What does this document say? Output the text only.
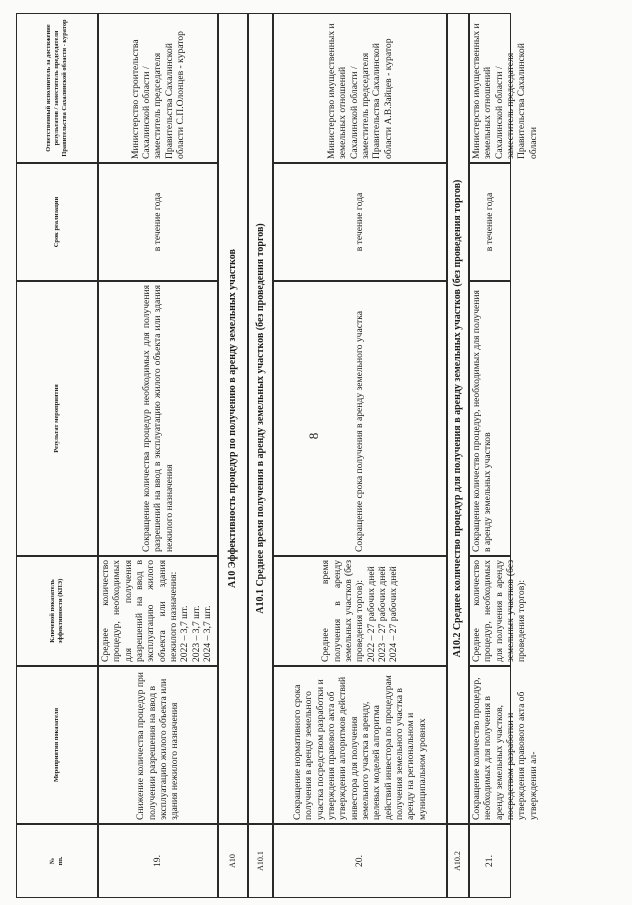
8
№
пп.
Мероприятия показателя
Ключевой показатель эффективности (КПЭ)
Результат мероприятия
Срок реализации
Ответственный исполнитель за достижение результатов / заместитель председателя Правительства Сахалинской области - куратор
19.
Снижение количества процедур при получении разрешения на ввод в эксплуатацию жилого объекта или здания нежилого назначения
Среднее количество процедур, необходимых для получения разрешений на ввод в эксплуатацию жилого объекта или здания нежилого назначения:
2022 – 3,7 шт.
2023 – 3,7 шт.
2024 – 3,7 шт.
Сокращение количества процедур необходимых для получения разрешений на ввод в эксплуатацию жилого объекта или здания нежилого назначения
в течение года
Министерство строительства Сахалинской области /заместитель председателя Правительства Сахалинской области С.П.Олонцев - куратор
А10
А10 Эффективность процедур по получению в аренду земельных участков
А10.1
А10.1 Среднее время получения в аренду земельных участков (без проведения торгов)
20.
Сокращение нормативного срока получения в аренду земельного участка посредством разработки и утверждения правового акта об утверждении алгоритмов действий инвестора для получения земельного участка в аренду, целевых моделей алгоритма действий инвестора по процедурам получения земельного участка в аренду на региональном и муниципальном уровнях
Среднее время получения в аренду земельных участков (без проведения торгов):
2022 – 27 рабочих дней
2023 – 27 рабочих дней
2024 – 27 рабочих дней
Сокращение срока получения в аренду земельного участка
в течение года
Министерство имущественных и земельных отношений Сахалинской области / заместитель председателя Правительства Сахалинской области А.В.Зайцев - куратор
А10.2
А10.2 Среднее количество процедур для получения в аренду земельных участков (без проведения торгов)
21.
Сокращение количество процедур, необходимых для получения в аренду земельных участков, посредством разработки и утверждения правового акта об утверждении ал-
Среднее количество процедур, необходимых для получения в аренду земельных участков (без проведения торгов):
Сокращение количество процедур, необходимых для получения в аренду земельных участков
в течение года
Министерство имущественных и земельных отношений Сахалинской области / заместитель председателя Правительства Сахалинской области
